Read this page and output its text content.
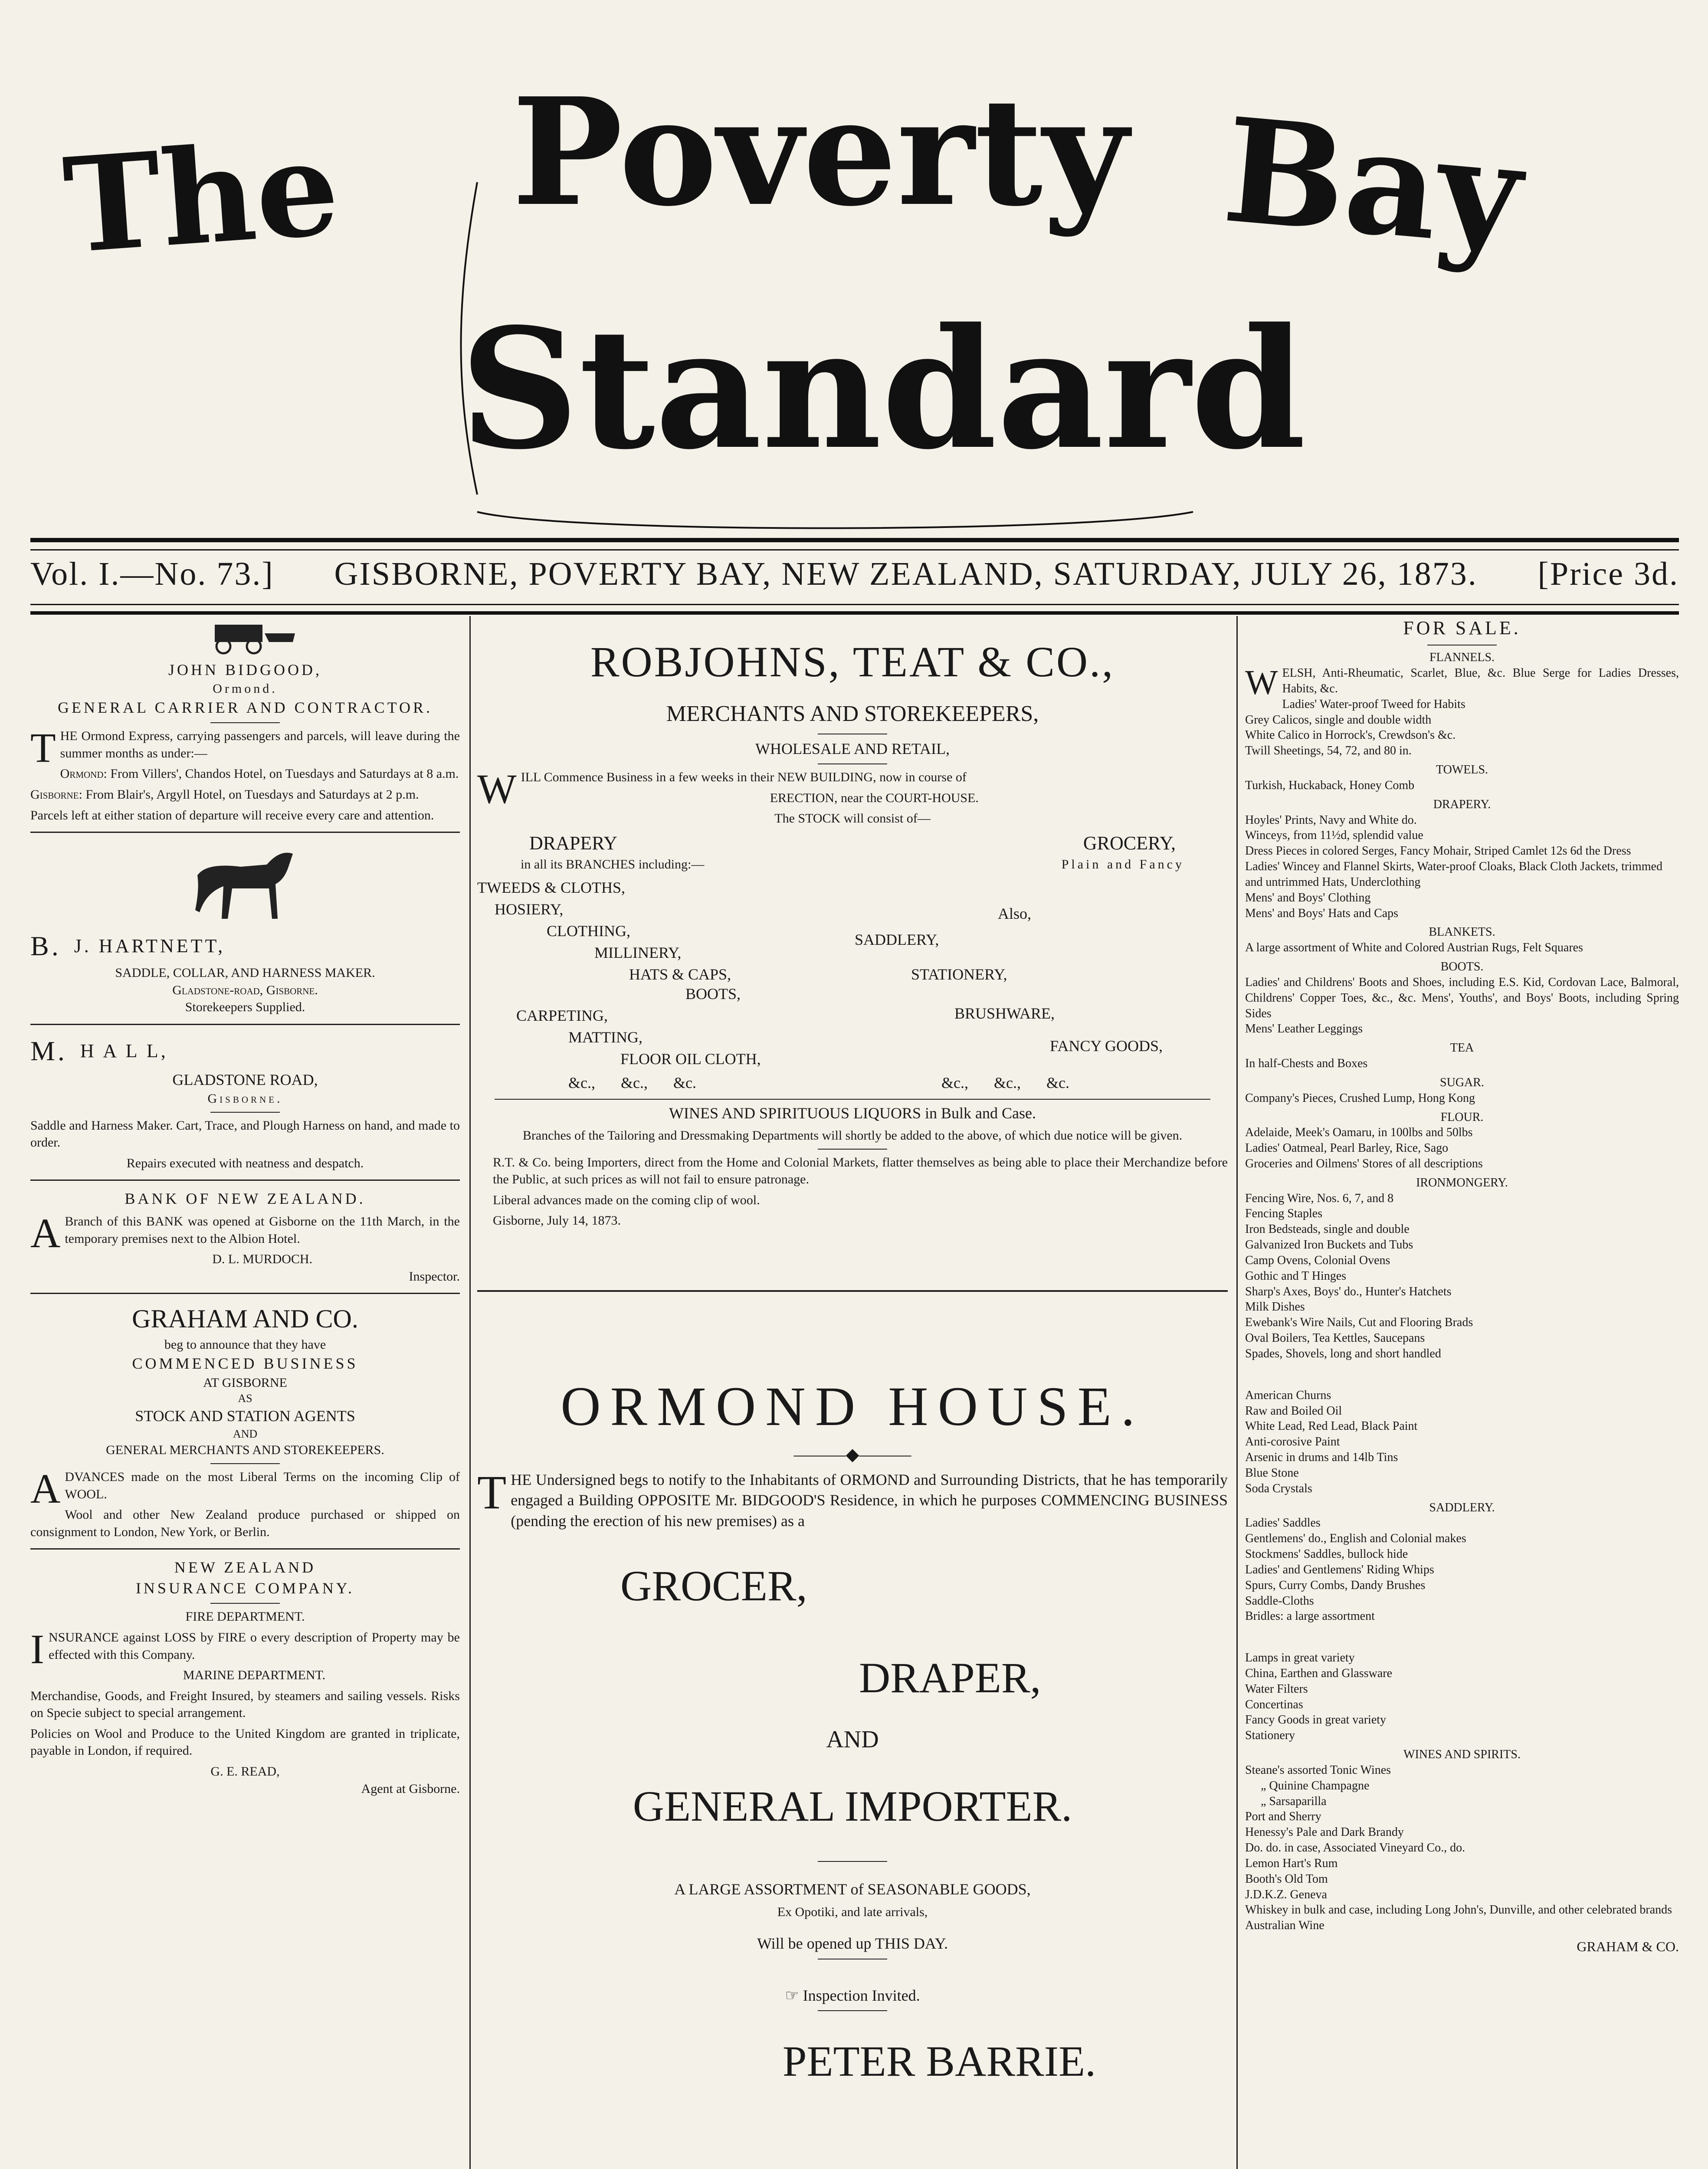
The Poverty Bay
Standard
Vol. I.—No. 73.] GISBORNE, POVERTY BAY, NEW ZEALAND, SATURDAY, JULY 26, 1873. [Price 3d.
JOHN BIDGOOD,
Ormond.
GENERAL CARRIER AND CONTRACTOR.

THE Ormond Express, carrying passengers and parcels, will leave during the summer months as under:—

Ormond: From Villers', Chandos Hotel, on Tuesdays and Saturdays at 8 a.m.

Gisborne: From Blair's, Argyll Hotel, on Tuesdays and Saturdays at 2 p.m.

Parcels left at either station of departure will receive every care and attention.

B. J. HARTNETT,
SADDLE, COLLAR, AND HARNESS MAKER.
Gladstone-road, Gisborne.
Storekeepers Supplied.
M. H A L L,
GLADSTONE ROAD,
Gisborne.

Saddle and Harness Maker. Cart, Trace, and Plough Harness on hand, and made to order.

Repairs executed with neatness and despatch.

BANK OF NEW ZEALAND.

A Branch of this BANK was opened at Gisborne on the 11th March, in the temporary premises next to the Albion Hotel.

D. L. MURDOCH.
Inspector.
GRAHAM AND CO.
beg to announce that they have
COMMENCED BUSINESS
AT GISBORNE
AS
STOCK AND STATION AGENTS
AND
GENERAL MERCHANTS AND STOREKEEPERS.

ADVANCES made on the most Liberal Terms on the incoming Clip of WOOL.

Wool and other New Zealand produce purchased or shipped on consignment to London, New York, or Berlin.

NEW ZEALAND
INSURANCE COMPANY.
FIRE DEPARTMENT.

INSURANCE against LOSS by FIRE o every description of Property may be effected with this Company.

MARINE DEPARTMENT.

Merchandise, Goods, and Freight Insured, by steamers and sailing vessels. Risks on Specie subject to special arrangement.

Policies on Wool and Produce to the United Kingdom are granted in triplicate, payable in London, if required.

G. E. READ,
Agent at Gisborne.
ROBJOHNS, TEAT & CO.,
MERCHANTS AND STOREKEEPERS,
WHOLESALE AND RETAIL,

WILL Commence Business in a few weeks in their NEW BUILDING, now in course of

ERECTION, near the COURT-HOUSE.

The STOCK will consist of—

DRAPERY	GROCERY,
in all its BRANCHES including:—	Plain and Fancy
TWEEDS & CLOTHS,
HOSIERY,	Also,
CLOTHING,	SADDLERY,
MILLINERY,
HATS & CAPS,	STATIONERY,
BOOTS,
CARPETING,	BRUSHWARE,
MATTING,	FANCY GOODS,
FLOOR OIL CLOTH,
&c., &c., &c.	&c., &c., &c.

WINES AND SPIRITUOUS LIQUORS in Bulk and Case.

Branches of the Tailoring and Dressmaking Departments will shortly be added to the above, of which due notice will be given.

R.T. & Co. being Importers, direct from the Home and Colonial Markets, flatter themselves as being able to place their Merchandize before the Public, at such prices as will not fail to ensure patronage.

Liberal advances made on the coming clip of wool.

Gisborne, July 14, 1873.

ORMOND HOUSE.
———◆———

THE Undersigned begs to notify to the Inhabitants of ORMOND and Surrounding Districts, that he has temporarily engaged a Building OPPOSITE Mr. BIDGOOD'S Residence, in which he purposes COMMENCING BUSINESS (pending the erection of his new premises) as a

GROCER,
DRAPER,
AND
GENERAL IMPORTER.

A LARGE ASSORTMENT of SEASONABLE GOODS,

Ex Opotiki, and late arrivals,

Will be opened up THIS DAY.

☞ Inspection Invited.

PETER BARRIE.
FOR SALE.
FLANNELS.

WELSH, Anti-Rheumatic, Scarlet, Blue, &c. Blue Serge for Ladies Dresses, Habits, &c.

Ladies' Water-proof Tweed for Habits
Grey Calicos, single and double width
White Calico in Horrock's, Crewdson's &c.
Twill Sheetings, 54, 72, and 80 in.
TOWELS.
Turkish, Huckaback, Honey Comb
DRAPERY.
Hoyles' Prints, Navy and White do.
Winceys, from 11½d, splendid value
Dress Pieces in colored Serges, Fancy Mohair, Striped Camlet 12s 6d the Dress
Ladies' Wincey and Flannel Skirts, Water-proof Cloaks, Black Cloth Jackets, trimmed and untrimmed Hats, Underclothing
Mens' and Boys' Clothing
Mens' and Boys' Hats and Caps
BLANKETS.
A large assortment of White and Colored Austrian Rugs, Felt Squares
BOOTS.
Ladies' and Childrens' Boots and Shoes, including E.S. Kid, Cordovan Lace, Balmoral, Childrens' Copper Toes, &c., &c. Mens', Youths', and Boys' Boots, including Spring Sides
Mens' Leather Leggings
TEA
In half-Chests and Boxes
SUGAR.
Company's Pieces, Crushed Lump, Hong Kong
FLOUR.
Adelaide, Meek's Oamaru, in 100lbs and 50lbs
Ladies' Oatmeal, Pearl Barley, Rice, Sago
Groceries and Oilmens' Stores of all descriptions
IRONMONGERY.
Fencing Wire, Nos. 6, 7, and 8
Fencing Staples
Iron Bedsteads, single and double
Galvanized Iron Buckets and Tubs
Camp Ovens, Colonial Ovens
Gothic and T Hinges
Sharp's Axes, Boys' do., Hunter's Hatchets
Milk Dishes
Ewebank's Wire Nails, Cut and Flooring Brads
Oval Boilers, Tea Kettles, Saucepans
Spades, Shovels, long and short handled
American Churns
Raw and Boiled Oil
White Lead, Red Lead, Black Paint
Anti-corosive Paint
Arsenic in drums and 14lb Tins
Blue Stone
Soda Crystals
SADDLERY.
Ladies' Saddles
Gentlemens' do., English and Colonial makes
Stockmens' Saddles, bullock hide
Ladies' and Gentlemens' Riding Whips
Spurs, Curry Combs, Dandy Brushes
Saddle-Cloths
Bridles: a large assortment
Lamps in great variety
China, Earthen and Glassware
Water Filters
Concertinas
Fancy Goods in great variety
Stationery
WINES AND SPIRITS.
Steane's assorted Tonic Wines
„ Quinine Champagne
„ Sarsaparilla
Port and Sherry
Henessy's Pale and Dark Brandy
Do. do. in case, Associated Vineyard Co., do.
Lemon Hart's Rum
Booth's Old Tom
J.D.K.Z. Geneva
Whiskey in bulk and case, including Long John's, Dunville, and other celebrated brands
Australian Wine
GRAHAM & CO.
